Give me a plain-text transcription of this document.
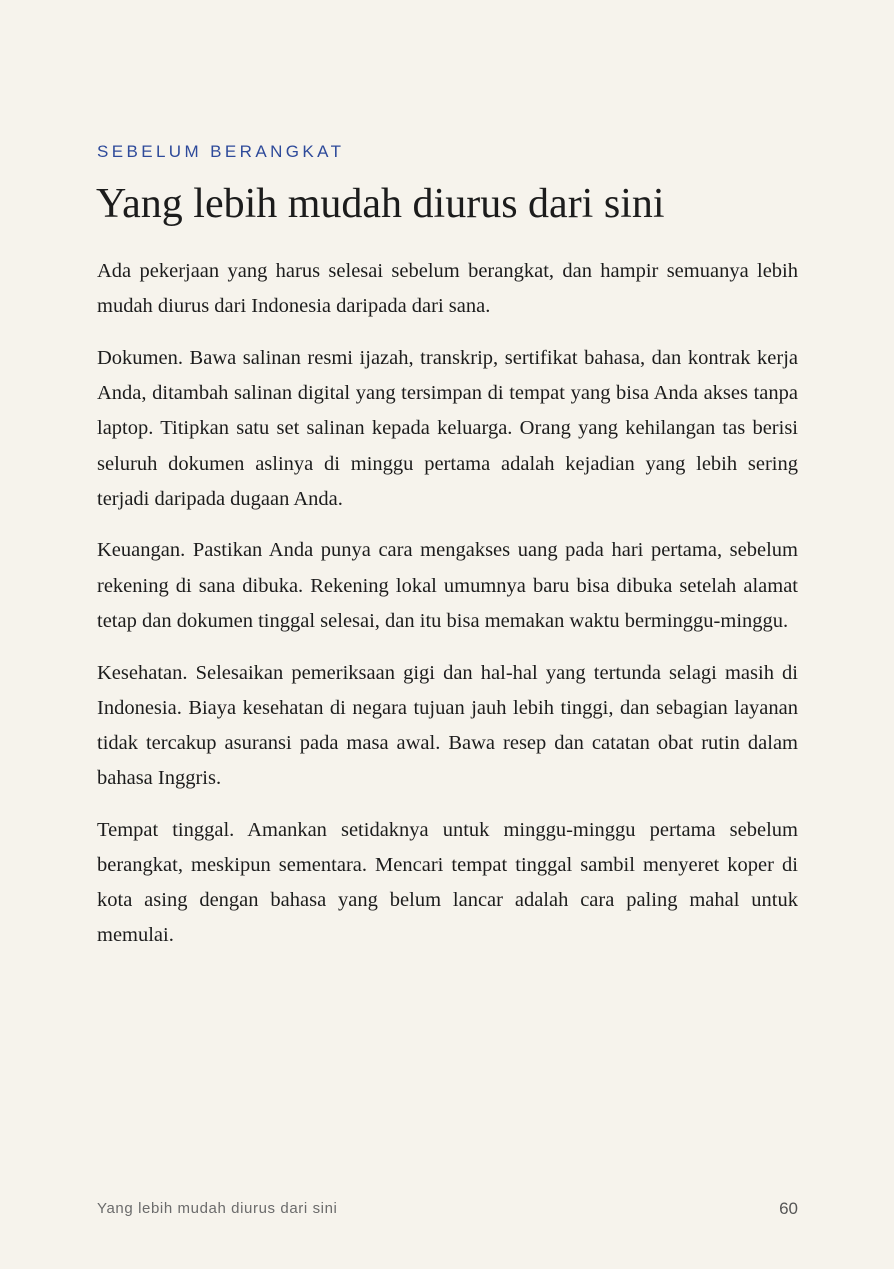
SEBELUM BERANGKAT
Yang lebih mudah diurus dari sini

Ada pekerjaan yang harus selesai sebelum berangkat, dan hampir semuanya lebih mudah diurus dari Indonesia daripada dari sana.

Dokumen. Bawa salinan resmi ijazah, transkrip, sertifikat bahasa, dan kontrak kerja Anda, ditambah salinan digital yang tersimpan di tempat yang bisa Anda akses tanpa laptop. Titipkan satu set salinan kepada keluarga. Orang yang kehilangan tas berisi seluruh dokumen aslinya di minggu pertama adalah kejadian yang lebih sering terjadi daripada dugaan Anda.

Keuangan. Pastikan Anda punya cara mengakses uang pada hari pertama, sebelum rekening di sana dibuka. Rekening lokal umumnya baru bisa dibuka setelah alamat tetap dan dokumen tinggal selesai, dan itu bisa memakan waktu berminggu-minggu.

Kesehatan. Selesaikan pemeriksaan gigi dan hal-hal yang tertunda selagi masih di Indonesia. Biaya kesehatan di negara tujuan jauh lebih tinggi, dan sebagian layanan tidak tercakup asuransi pada masa awal. Bawa resep dan catatan obat rutin dalam bahasa Inggris.

Tempat tinggal. Amankan setidaknya untuk minggu-minggu pertama sebelum berangkat, meskipun sementara. Mencari tempat tinggal sambil menyeret koper di kota asing dengan bahasa yang belum lancar adalah cara paling mahal untuk memulai.

Yang lebih mudah diurus dari sini	60
